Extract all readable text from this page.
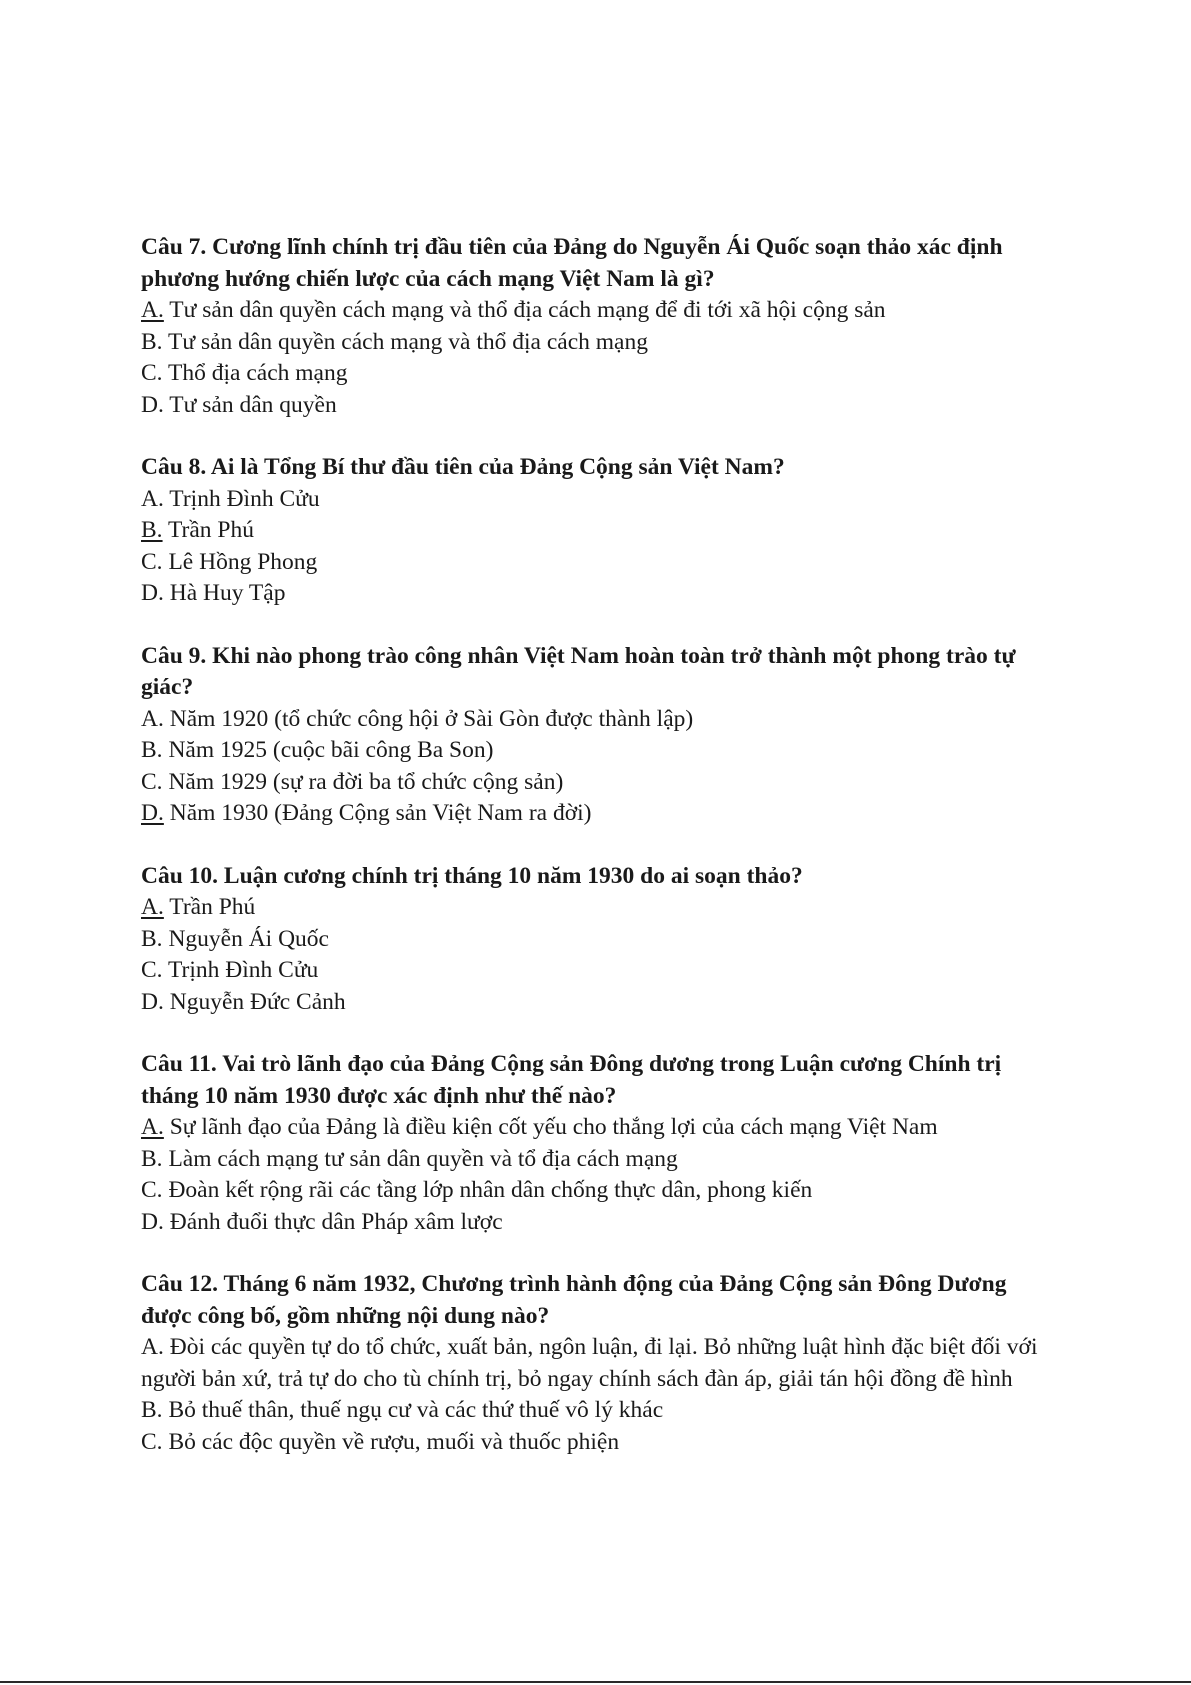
Câu 7. Cương lĩnh chính trị đầu tiên của Đảng do Nguyễn Ái Quốc soạn thảo xác định phương hướng chiến lược của cách mạng Việt Nam là gì?

A. Tư sản dân quyền cách mạng và thổ địa cách mạng để đi tới xã hội cộng sản

B. Tư sản dân quyền cách mạng và thổ địa cách mạng

C. Thổ địa cách mạng

D. Tư sản dân quyền

Câu 8. Ai là Tổng Bí thư đầu tiên của Đảng Cộng sản Việt Nam?

A. Trịnh Đình Cửu

B. Trần Phú

C. Lê Hồng Phong

D. Hà Huy Tập

Câu 9. Khi nào phong trào công nhân Việt Nam hoàn toàn trở thành một phong trào tự giác?

A. Năm 1920 (tổ chức công hội ở Sài Gòn được thành lập)

B. Năm 1925 (cuộc bãi công Ba Son)

C. Năm 1929 (sự ra đời ba tổ chức cộng sản)

D. Năm 1930 (Đảng Cộng sản Việt Nam ra đời)

Câu 10. Luận cương chính trị tháng 10 năm 1930 do ai soạn thảo?

A. Trần Phú

B. Nguyễn Ái Quốc

C. Trịnh Đình Cửu

D. Nguyễn Đức Cảnh

Câu 11. Vai trò lãnh đạo của Đảng Cộng sản Đông dương trong Luận cương Chính trị tháng 10 năm 1930 được xác định như thế nào?

A. Sự lãnh đạo của Đảng là điều kiện cốt yếu cho thắng lợi của cách mạng Việt Nam

B. Làm cách mạng tư sản dân quyền và tổ địa cách mạng

C. Đoàn kết rộng rãi các tầng lớp nhân dân chống thực dân, phong kiến

D. Đánh đuổi thực dân Pháp xâm lược

Câu 12. Tháng 6 năm 1932, Chương trình hành động của Đảng Cộng sản Đông Dương được công bố, gồm những nội dung nào?

A. Đòi các quyền tự do tổ chức, xuất bản, ngôn luận, đi lại. Bỏ những luật hình đặc biệt đối với người bản xứ, trả tự do cho tù chính trị, bỏ ngay chính sách đàn áp, giải tán hội đồng đề hình

B. Bỏ thuế thân, thuế ngụ cư và các thứ thuế vô lý khác

C. Bỏ các độc quyền về rượu, muối và thuốc phiện
